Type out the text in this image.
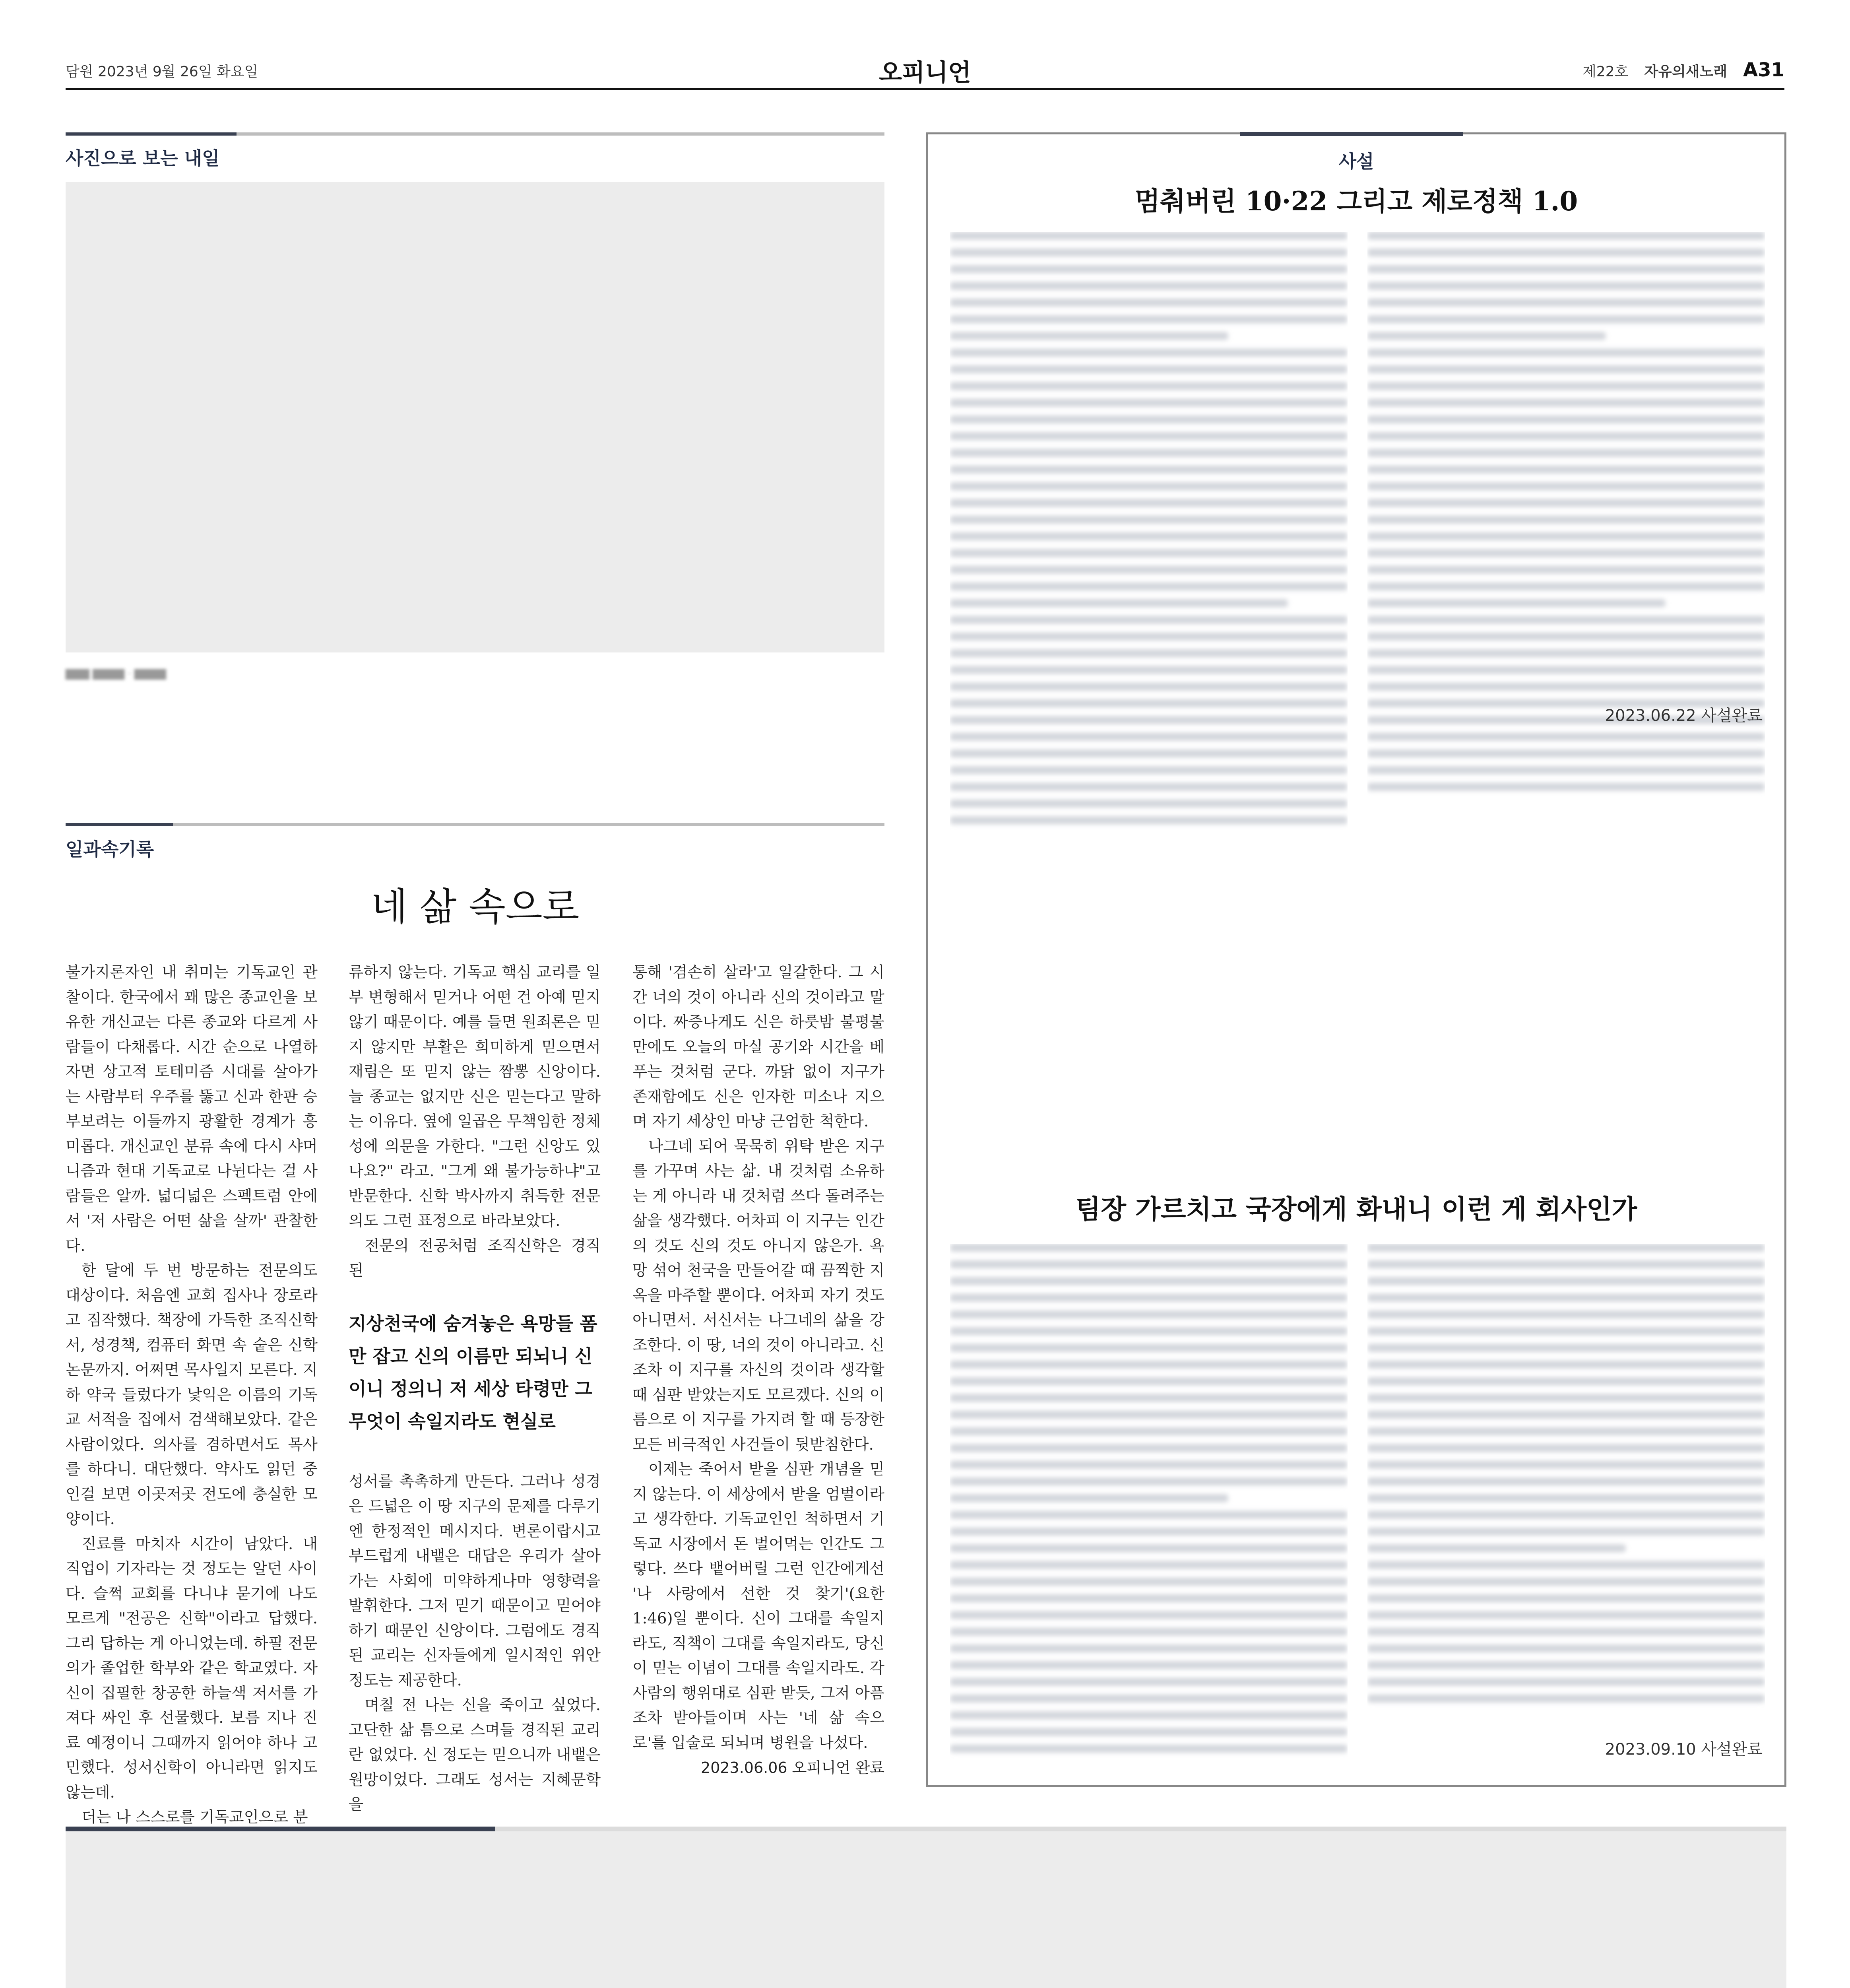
담원 2023년 9월 26일 화요일	오피니언	제22호 자유의새노래 A31
사진으로 보는 내일
▇▇▇ ▇▇▇▇ · ▇▇▇▇
사설
멈춰버린 10·22 그리고 제로정책 1.0
2023.06.22 사설완료
팀장 가르치고 국장에게 화내니 이런 게 회사인가
2023.09.10 사설완료
일과속기록
네 삶 속으로

불가지론자인 내 취미는 기독교인 관찰이다. 한국에서 꽤 많은 종교인을 보유한 개신교는 다른 종교와 다르게 사람들이 다채롭다. 시간 순으로 나열하자면 상고적 토테미즘 시대를 살아가는 사람부터 우주를 뚫고 신과 한판 승부보려는 이들까지 광활한 경계가 흥미롭다. 개신교인 분류 속에 다시 샤머니즘과 현대 기독교로 나뉜다는 걸 사람들은 알까. 넓디넓은 스펙트럼 안에서 '저 사람은 어떤 삶을 살까' 관찰한다.

한 달에 두 번 방문하는 전문의도 대상이다. 처음엔 교회 집사나 장로라고 짐작했다. 책장에 가득한 조직신학서, 성경책, 컴퓨터 화면 속 숱은 신학 논문까지. 어쩌면 목사일지 모른다. 지하 약국 들렀다가 낯익은 이름의 기독교 서적을 집에서 검색해보았다. 같은 사람이었다. 의사를 겸하면서도 목사를 하다니. 대단했다. 약사도 읽던 중인걸 보면 이곳저곳 전도에 충실한 모양이다.

진료를 마치자 시간이 남았다. 내 직업이 기자라는 것 정도는 알던 사이다. 슬쩍 교회를 다니냐 묻기에 나도 모르게 "전공은 신학"이라고 답했다. 그리 답하는 게 아니었는데. 하필 전문의가 졸업한 학부와 같은 학교였다. 자신이 집필한 창공한 하늘색 저서를 가져다 싸인 후 선물했다. 보름 지나 진료 예정이니 그때까지 읽어야 하나 고민했다. 성서신학이 아니라면 읽지도 않는데.

더는 나 스스로를 기독교인으로 분

류하지 않는다. 기독교 핵심 교리를 일부 변형해서 믿거나 어떤 건 아예 믿지 않기 때문이다. 예를 들면 원죄론은 믿지 않지만 부활은 희미하게 믿으면서 재림은 또 믿지 않는 짬뽕 신앙이다. 늘 종교는 없지만 신은 믿는다고 말하는 이유다. 옆에 일곱은 무책임한 정체성에 의문을 가한다. "그런 신앙도 있나요?" 라고. "그게 왜 불가능하냐"고 반문한다. 신학 박사까지 취득한 전문의도 그런 표정으로 바라보았다.

전문의 전공처럼 조직신학은 경직된

지상천국에 숨겨놓은 욕망들 폼만 잡고 신의 이름만 되뇌니 신이니 정의니 저 세상 타령만 그 무엇이 속일지라도 현실로

성서를 촉촉하게 만든다. 그러나 성경은 드넓은 이 땅 지구의 문제를 다루기엔 한정적인 메시지다. 변론이랍시고 부드럽게 내뱉은 대답은 우리가 살아가는 사회에 미약하게나마 영향력을 발휘한다. 그저 믿기 때문이고 믿어야하기 때문인 신앙이다. 그럼에도 경직된 교리는 신자들에게 일시적인 위안 정도는 제공한다.

며칠 전 나는 신을 죽이고 싶었다. 고단한 삶 틈으로 스며들 경직된 교리란 없었다. 신 정도는 믿으니까 내뱉은 원망이었다. 그래도 성서는 지혜문학을

통해 '겸손히 살라'고 일갈한다. 그 시간 너의 것이 아니라 신의 것이라고 말이다. 짜증나게도 신은 하룻밤 불평불만에도 오늘의 마실 공기와 시간을 베푸는 것처럼 군다. 까닭 없이 지구가 존재함에도 신은 인자한 미소나 지으며 자기 세상인 마냥 근엄한 척한다.

나그네 되어 묵묵히 위탁 받은 지구를 가꾸며 사는 삶. 내 것처럼 소유하는 게 아니라 내 것처럼 쓰다 돌려주는 삶을 생각했다. 어차피 이 지구는 인간의 것도 신의 것도 아니지 않은가. 욕망 섞어 천국을 만들어갈 때 끔찍한 지옥을 마주할 뿐이다. 어차피 자기 것도 아니면서. 서신서는 나그네의 삶을 강조한다. 이 땅, 너의 것이 아니라고. 신조차 이 지구를 자신의 것이라 생각할 때 심판 받았는지도 모르겠다. 신의 이름으로 이 지구를 가지려 할 때 등장한 모든 비극적인 사건들이 뒷받침한다.

이제는 죽어서 받을 심판 개념을 믿지 않는다. 이 세상에서 받을 엄벌이라고 생각한다. 기독교인인 척하면서 기독교 시장에서 돈 벌어먹는 인간도 그렇다. 쓰다 뱉어버릴 그런 인간에게선 '나 사랑에서 선한 것 찾기'(요한 1:46)일 뿐이다. 신이 그대를 속일지라도, 직책이 그대를 속일지라도, 당신이 믿는 이념이 그대를 속일지라도. 각 사람의 행위대로 심판 받듯, 그저 아픔조차 받아들이며 사는 '네 삶 속으로'를 입술로 되뇌며 병원을 나섰다.

2023.06.06 오피니언 완료
